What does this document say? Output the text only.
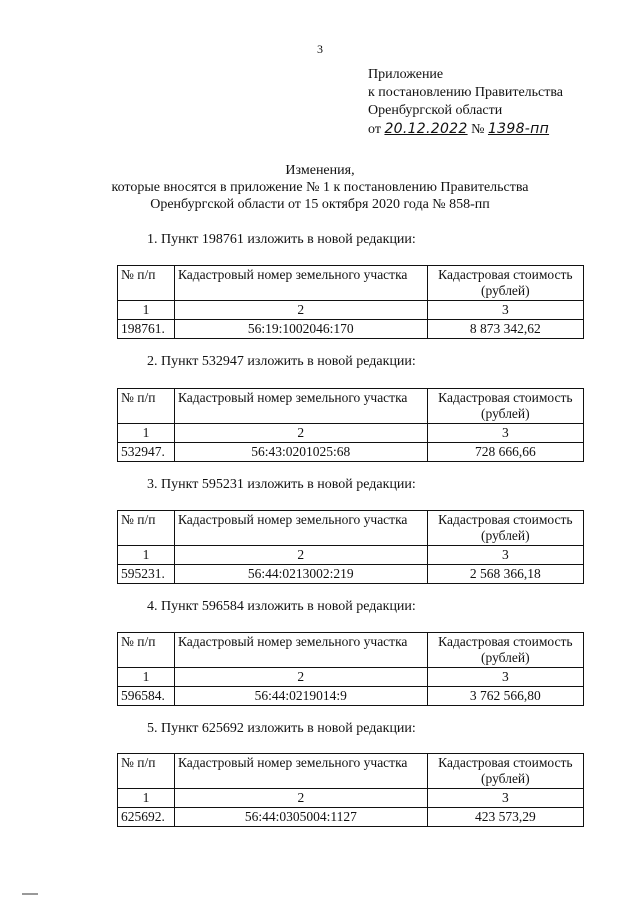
3
Приложение
к постановлению Правительства
Оренбургской области
от 20.12.2022 № 1398-пп
Изменения,
которые вносятся в приложение № 1 к постановлению Правительства
Оренбургской области от 15 октября 2020 года № 858-пп
1. Пункт 198761 изложить в новой редакции:
№ п/п	Кадастровый номер земельного участка	Кадастровая стоимость (рублей)
1	2	3
198761.	56:19:1002046:170	8 873 342,62
2. Пункт 532947 изложить в новой редакции:
№ п/п	Кадастровый номер земельного участка	Кадастровая стоимость (рублей)
1	2	3
532947.	56:43:0201025:68	728 666,66
3. Пункт 595231 изложить в новой редакции:
№ п/п	Кадастровый номер земельного участка	Кадастровая стоимость (рублей)
1	2	3
595231.	56:44:0213002:219	2 568 366,18
4. Пункт 596584 изложить в новой редакции:
№ п/п	Кадастровый номер земельного участка	Кадастровая стоимость (рублей)
1	2	3
596584.	56:44:0219014:9	3 762 566,80
5. Пункт 625692 изложить в новой редакции:
№ п/п	Кадастровый номер земельного участка	Кадастровая стоимость (рублей)
1	2	3
625692.	56:44:0305004:1127	423 573,29
